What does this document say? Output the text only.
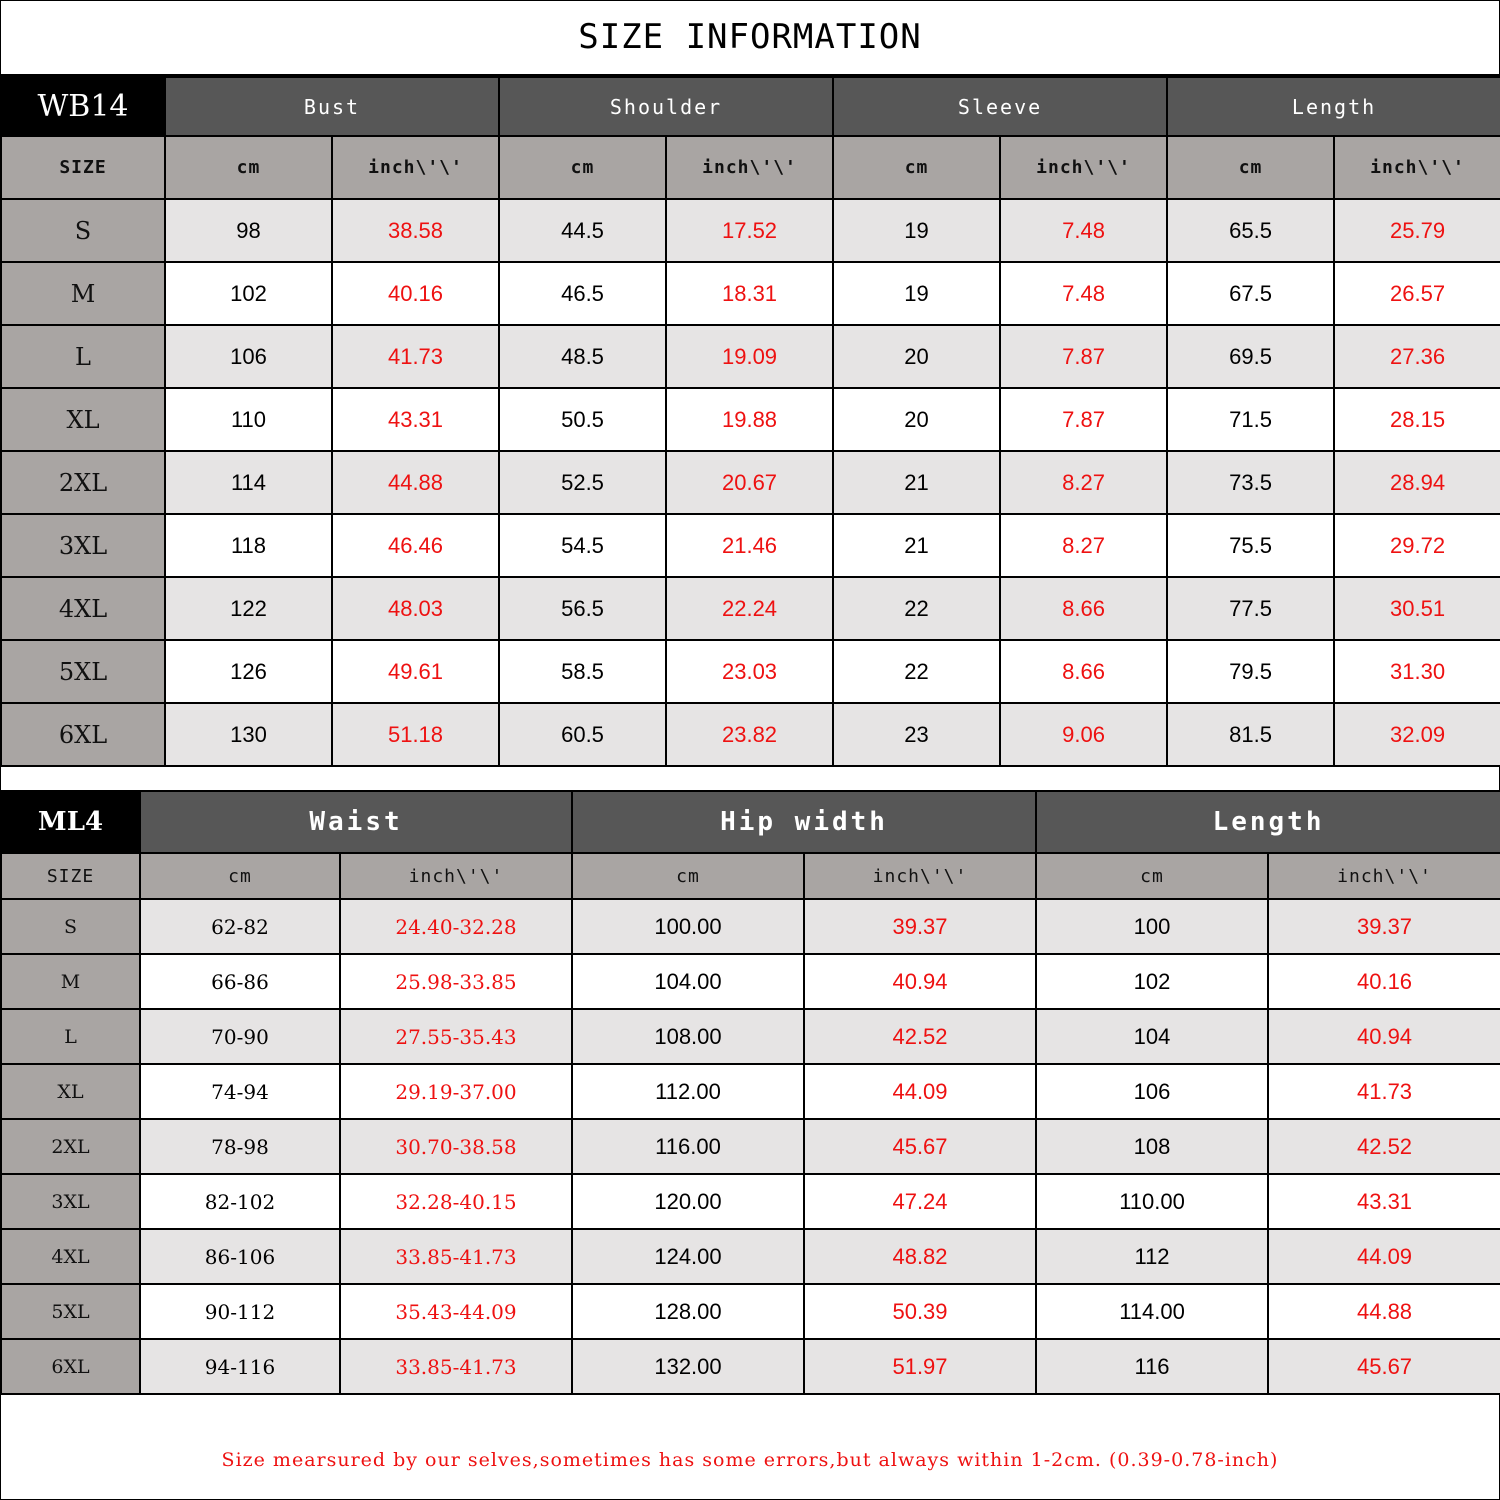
SIZE INFORMATION
WB14	Bust		Shoulder		Sleeve		Length	
SIZE	cm	inch\'\'	cm	inch\'\'	cm	inch\'\'	cm	inch\'\'
S	98	38.58	44.5	17.52	19	7.48	65.5	25.79
M	102	40.16	46.5	18.31	19	7.48	67.5	26.57
L	106	41.73	48.5	19.09	20	7.87	69.5	27.36
XL	110	43.31	50.5	19.88	20	7.87	71.5	28.15
2XL	114	44.88	52.5	20.67	21	8.27	73.5	28.94
3XL	118	46.46	54.5	21.46	21	8.27	75.5	29.72
4XL	122	48.03	56.5	22.24	22	8.66	77.5	30.51
5XL	126	49.61	58.5	23.03	22	8.66	79.5	31.30
6XL	130	51.18	60.5	23.82	23	9.06	81.5	32.09
ML4	Waist		Hip width		Length	
SIZE	cm	inch\'\'	cm	inch\'\'	cm	inch\'\'
S	62-82	24.40-32.28	100.00	39.37	100	39.37
M	66-86	25.98-33.85	104.00	40.94	102	40.16
L	70-90	27.55-35.43	108.00	42.52	104	40.94
XL	74-94	29.19-37.00	112.00	44.09	106	41.73
2XL	78-98	30.70-38.58	116.00	45.67	108	42.52
3XL	82-102	32.28-40.15	120.00	47.24	110.00	43.31
4XL	86-106	33.85-41.73	124.00	48.82	112	44.09
5XL	90-112	35.43-44.09	128.00	50.39	114.00	44.88
6XL	94-116	33.85-41.73	132.00	51.97	116	45.67
Size mearsured by our selves,sometimes has some errors,but always within 1-2cm. (0.39-0.78-inch)
